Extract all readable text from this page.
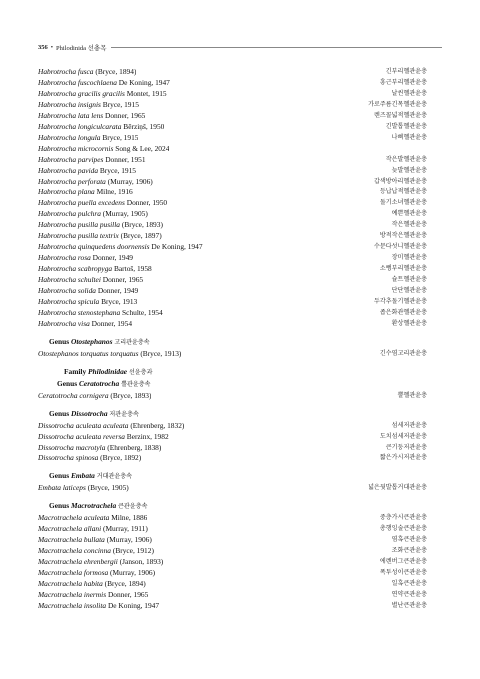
356 • Philodinida 선충목
Habrotrocha fusca (Bryce, 1894)	긴부리헬관윤충
Habrotrocha fuscochlaena De Koning, 1947	흥근부리헬관윤충
Habrotrocha gracilis gracilis Montet, 1915	날씬헬관윤충
Habrotrocha insignis Bryce, 1915	가로주름긴목헬관윤충
Habrotrocha lata lens Donner, 1965	렌즈꼴넓적헬관윤충
Habrotrocha longiculcarata Bērziņš, 1950	긴발톱헬관윤충
Habrotrocha longula Bryce, 1915	나삐헬관윤충
Habrotrocha microcornis Song & Lee, 2024
Habrotrocha parvipes Donner, 1951	작은발헬관윤충
Habrotrocha pavida Bryce, 1915	늦발헬관윤충
Habrotrocha perforata (Murray, 1906)	갑색방아리헬관윤충
Habrotrocha plana Milne, 1916	등납납적헬관윤충
Habrotrocha puella excedens Donner, 1950	돌기소녀헬관윤충
Habrotrocha pulchra (Murray, 1905)	예쁜헬관윤충
Habrotrocha pusilla pusilla (Bryce, 1893)	작은헬관윤충
Habrotrocha pusilla textrix (Bryce, 1897)	방적작은헬관윤충
Habrotrocha quinquedens doornensis De Koning, 1947	수문다섯니헬관윤충
Habrotrocha rosa Donner, 1949	장미헬관윤충
Habrotrocha scabropyga Bartoš, 1958	소뻥부리헬관윤충
Habrotrocha schultei Donner, 1965	슐트헬관윤충
Habrotrocha solida Donner, 1949	단단헬관윤충
Habrotrocha spicula Bryce, 1913	두각추돌기헬관윤충
Habrotrocha stenostephana Schulte, 1954	좁은화관헬관윤충
Habrotrocha visa Donner, 1954	환상헬관윤충
Genus Otostephanos 고리관윤충속
Otostephanos torquatus torquatus (Bryce, 1913)	긴수염고리관윤충
Family Philodinidae 선윤충과
Genus Ceratotrocha 뿔관윤충속
Ceratotrocha cornigera (Bryce, 1893)	뿔헬관윤충
Genus Dissotrocha 저관윤충속
Dissotrocha aculeata aculeata (Ehrenberg, 1832)	섬세저관윤충
Dissotrocha aculeata reversa Berzinx, 1982	도치섬세저관윤충
Dissotrocha macrotyla (Ehrenberg, 1838)	큰기둥저관윤충
Dissotrocha spinosa (Bryce, 1892)	짧은가시저관윤충
Genus Embata 거대관윤충속
Embata laticeps (Bryce, 1905)	넓은뒷발톱거대관윤충
Genus Macrotrachela 큰관윤충속
Macrotrachela aculeata Milne, 1886	중층가시큰관윤충
Macrotrachela allani (Murray, 1911)	총행잉술큰관윤충
Macrotrachela bullata (Murray, 1906)	염혹큰관윤충
Macrotrachela concinna (Bryce, 1912)	조화큰관윤충
Macrotrachela ehrenbergii (Janson, 1893)	에렌버그큰관윤충
Macrotrachela formosa (Murray, 1906)	폭투성이큰관윤충
Macrotrachela habita (Bryce, 1894)	일혹큰관윤충
Macrotrachela inermis Donner, 1965	연약큰관윤충
Macrotrachela insolita De Koning, 1947	별난큰관윤충
